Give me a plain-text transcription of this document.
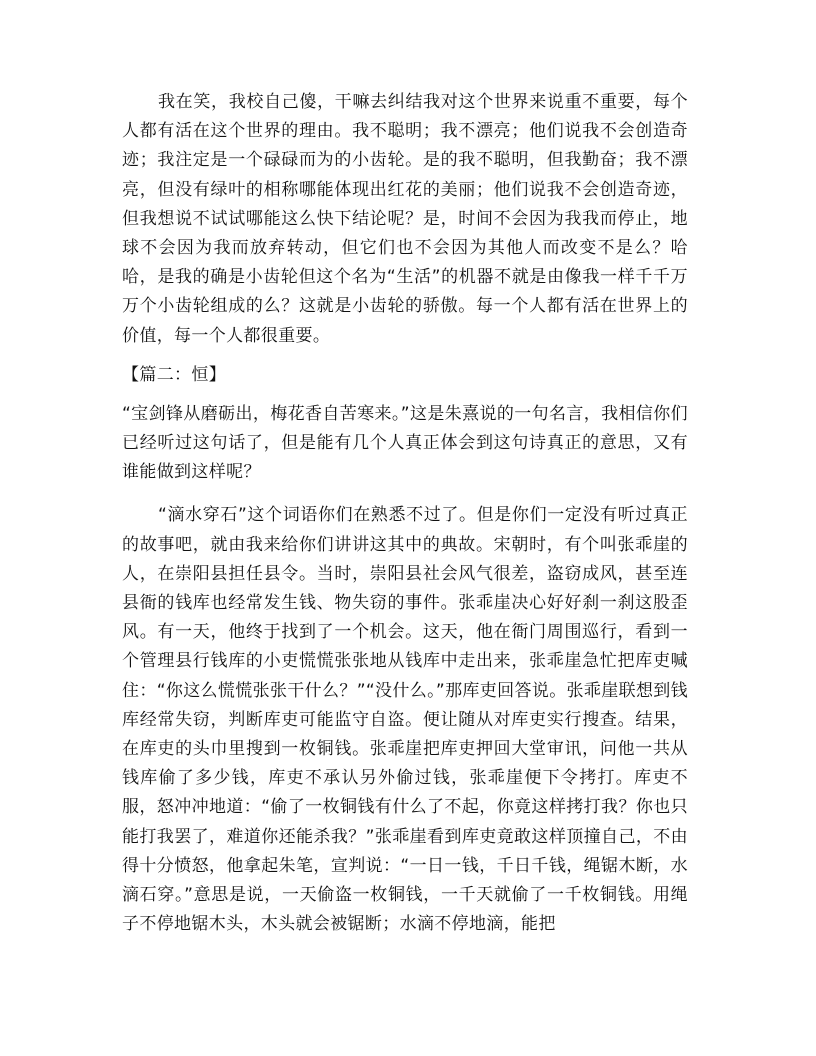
我在笑，我校自己傻，干嘛去纠结我对这个世界来说重不重要，每个人都有活在这个世界的理由。我不聪明；我不漂亮；他们说我不会创造奇迹；我注定是一个碌碌而为的小齿轮。是的我不聪明，但我勤奋；我不漂亮，但没有绿叶的相称哪能体现出红花的美丽；他们说我不会创造奇迹，但我想说不试试哪能这么快下结论呢？是，时间不会因为我我而停止，地球不会因为我而放弃转动，但它们也不会因为其他人而改变不是么？哈哈，是我的确是小齿轮但这个名为“生活”的机器不就是由像我一样千千万万个小齿轮组成的么？这就是小齿轮的骄傲。每一个人都有活在世界上的价值，每一个人都很重要。

【篇二：恒】

“宝剑锋从磨砺出，梅花香自苦寒来。”这是朱熹说的一句名言，我相信你们已经听过这句话了，但是能有几个人真正体会到这句诗真正的意思，又有谁能做到这样呢？

“滴水穿石”这个词语你们在熟悉不过了。但是你们一定没有听过真正的故事吧，就由我来给你们讲讲这其中的典故。宋朝时，有个叫张乖崖的人，在崇阳县担任县令。当时，崇阳县社会风气很差，盗窃成风，甚至连县衙的钱库也经常发生钱、物失窃的事件。张乖崖决心好好刹一刹这股歪风。有一天，他终于找到了一个机会。这天，他在衙门周围巡行，看到一个管理县行钱库的小吏慌慌张张地从钱库中走出来，张乖崖急忙把库吏喊住：“你这么慌慌张张干什么？”“没什么。”那库吏回答说。张乖崖联想到钱库经常失窃，判断库吏可能监守自盗。便让随从对库吏实行搜查。结果，在库吏的头巾里搜到一枚铜钱。张乖崖把库吏押回大堂审讯，问他一共从钱库偷了多少钱，库吏不承认另外偷过钱，张乖崖便下令拷打。库吏不服，怒冲冲地道：“偷了一枚铜钱有什么了不起，你竟这样拷打我？你也只能打我罢了，难道你还能杀我？”张乖崖看到库吏竟敢这样顶撞自己，不由得十分愤怒，他拿起朱笔，宣判说：“一日一钱，千日千钱，绳锯木断，水滴石穿。”意思是说，一天偷盗一枚铜钱，一千天就偷了一千枚铜钱。用绳子不停地锯木头，木头就会被锯断；水滴不停地滴，能把
